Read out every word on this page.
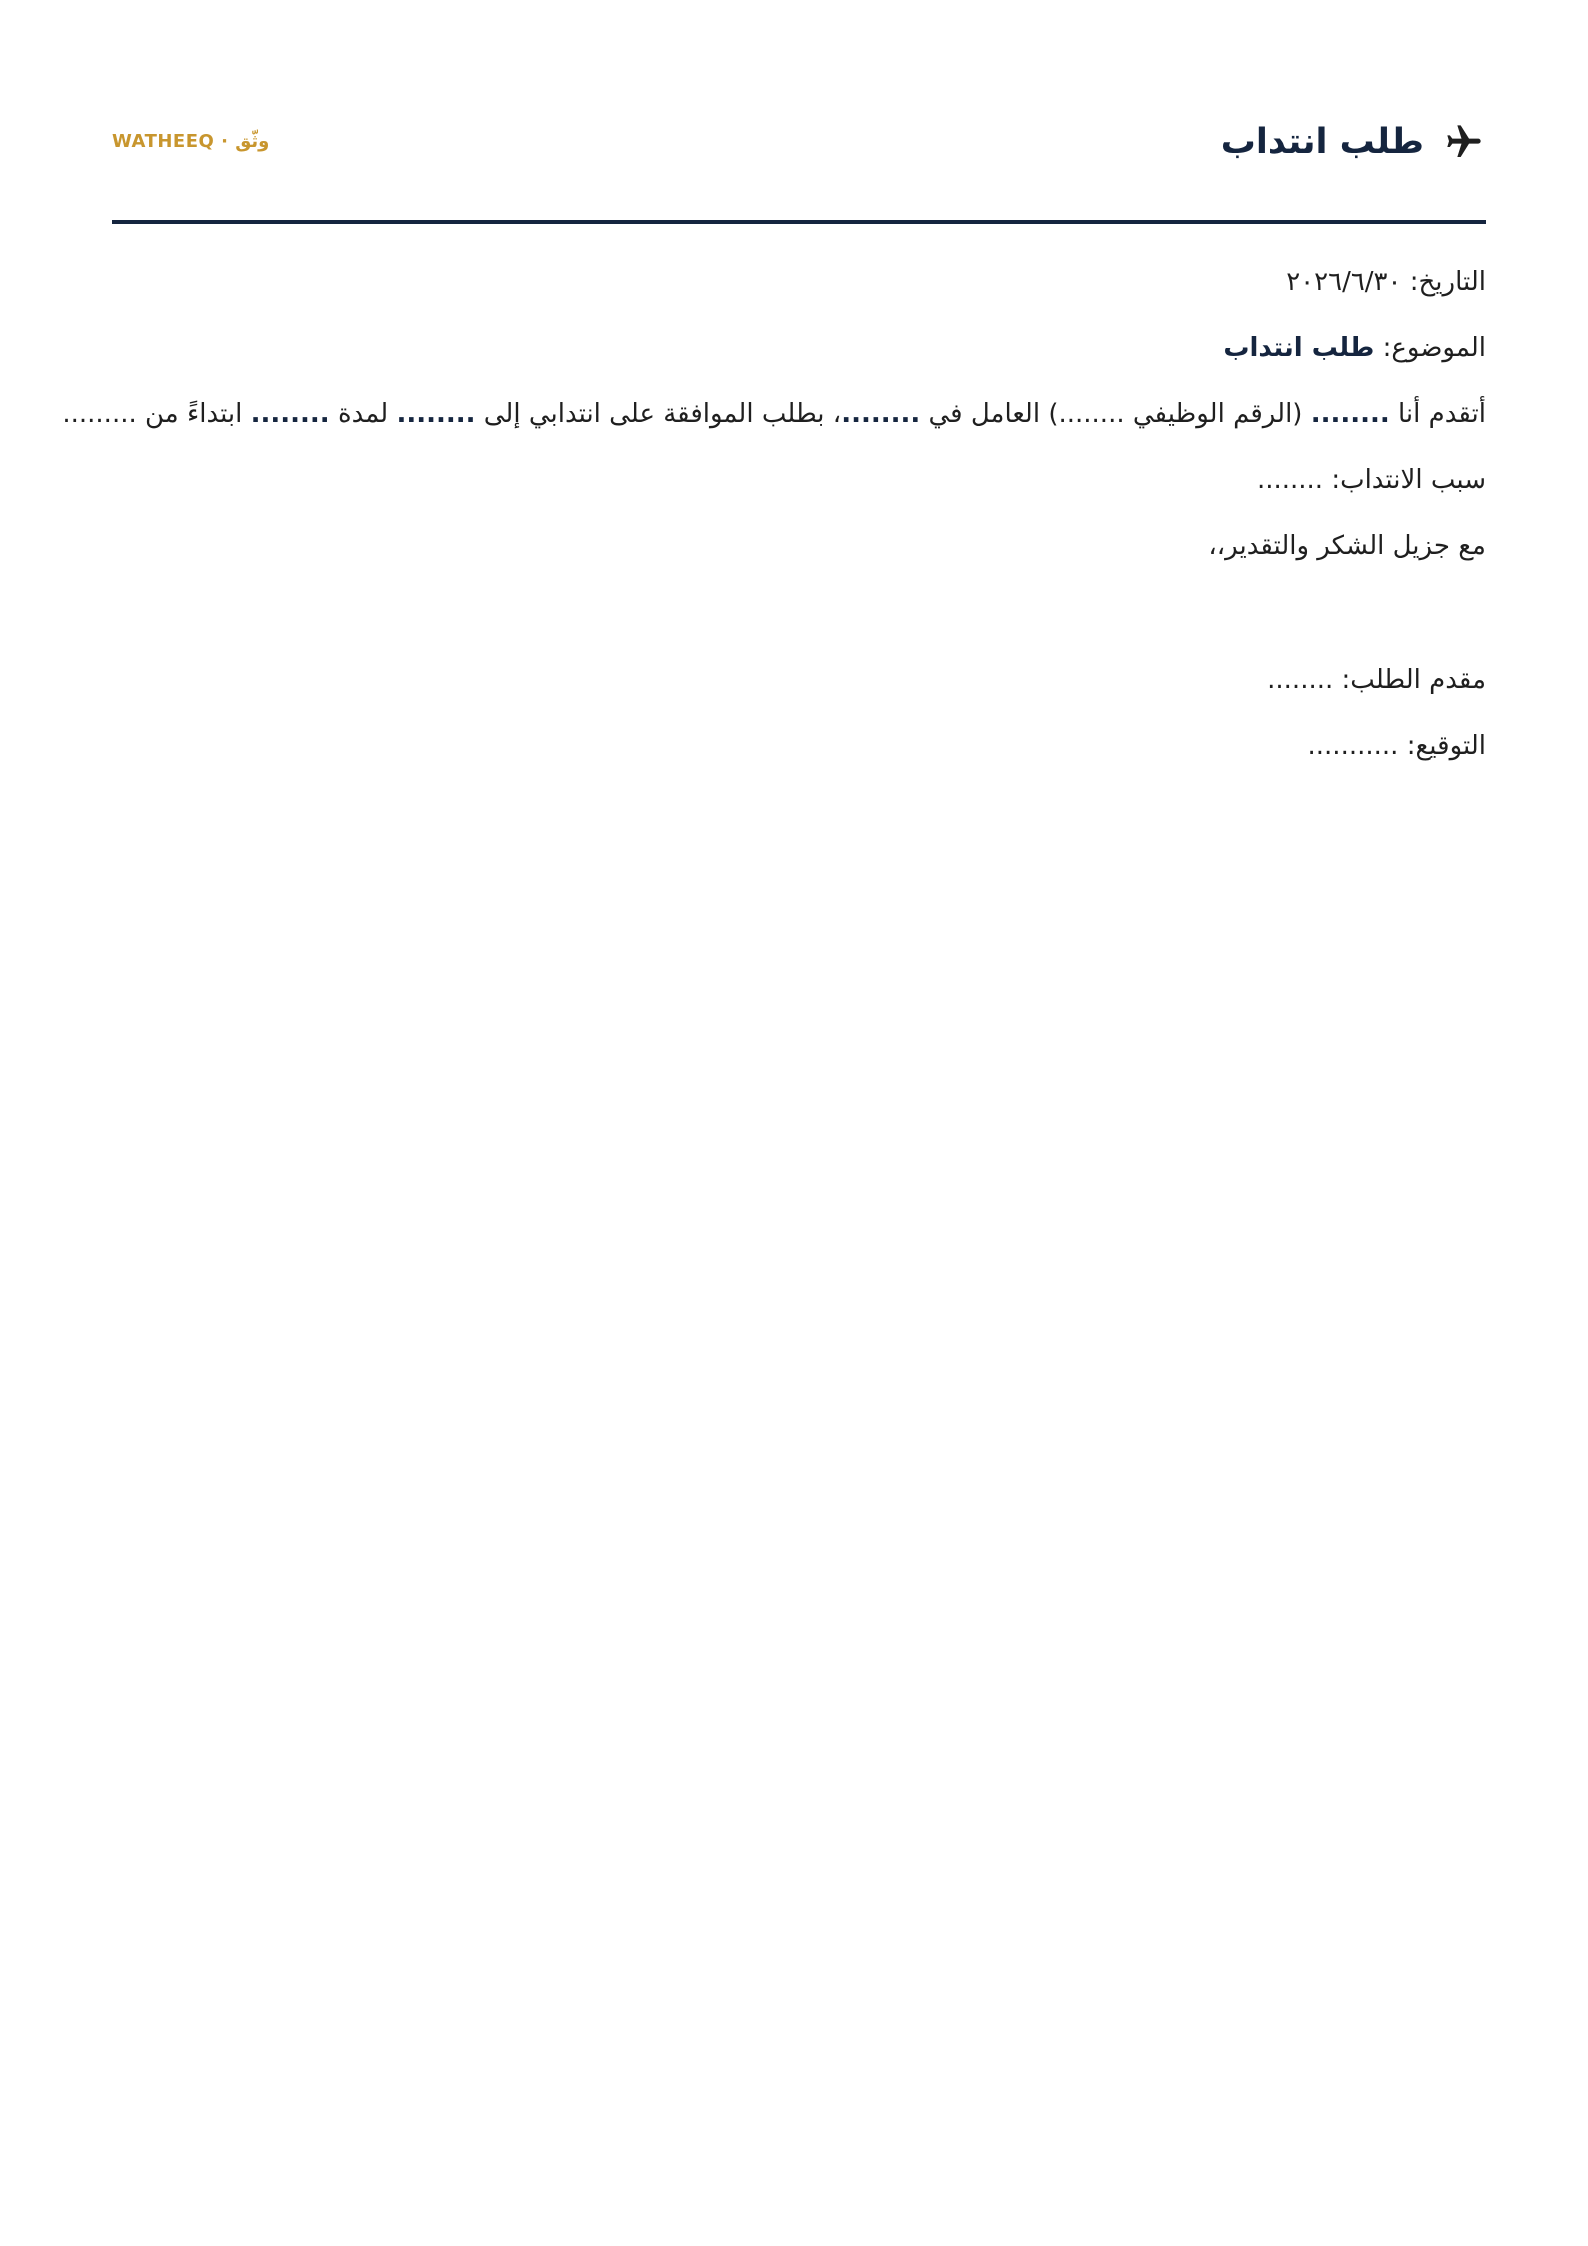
طلب انتداب
WATHEEQ · وثّق
التاريخ: ٢٠٢٦/٦/٣٠
الموضوع: طلب انتداب
أتقدم أنا ........ (الرقم الوظيفي ........) العامل في ........، بطلب الموافقة على انتدابي إلى ........ لمدة ........ ابتداءً من .........
سبب الانتداب: ........
مع جزيل الشكر والتقدير،،
مقدم الطلب: ........
التوقيع: ...........
